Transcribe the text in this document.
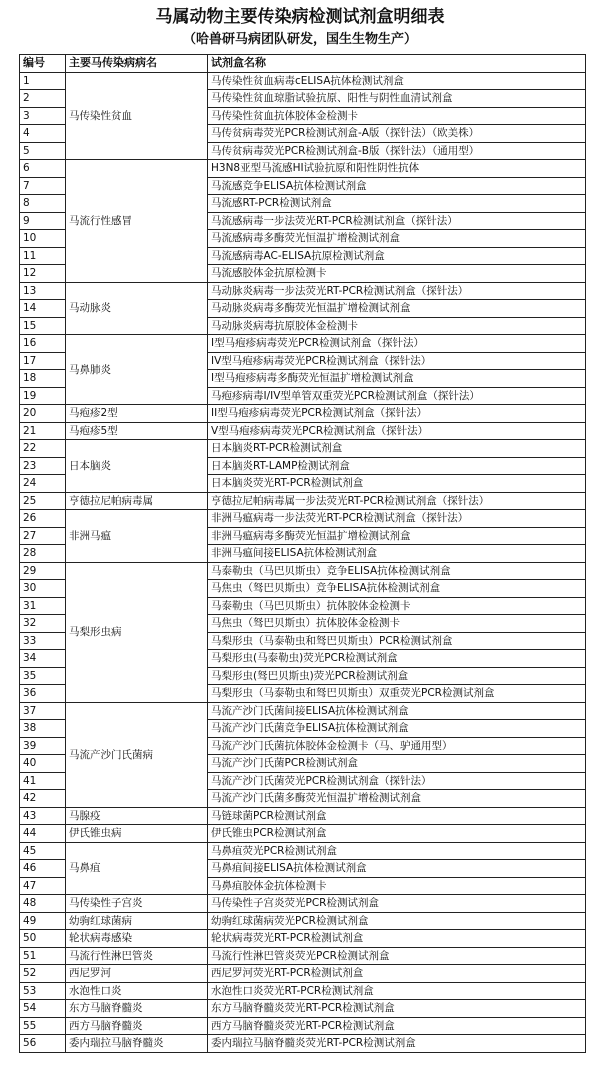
马属动物主要传染病检测试剂盒明细表
（哈兽研马病团队研发，国生生物生产）
编号	主要马传染病病名	试剂盒名称
1	马传染性贫血	马传染性贫血病毒cELISA抗体检测试剂盒
2		马传染性贫血琼脂试验抗原、阳性与阴性血清试剂盒
3		马传染性贫血抗体胶体金检测卡
4		马传贫病毒荧光PCR检测试剂盒-A版（探针法）（欧美株）
5		马传贫病毒荧光PCR检测试剂盒-B版（探针法）（通用型）
6	马流行性感冒	H3N8亚型马流感HI试验抗原和阳性阴性抗体
7		马流感竞争ELISA抗体检测试剂盒
8		马流感RT-PCR检测试剂盒
9		马流感病毒一步法荧光RT-PCR检测试剂盒（探针法）
10		马流感病毒多酶荧光恒温扩增检测试剂盒
11		马流感病毒AC-ELISA抗原检测试剂盒
12		马流感胶体金抗原检测卡
13	马动脉炎	马动脉炎病毒一步法荧光RT-PCR检测试剂盒（探针法）
14		马动脉炎病毒多酶荧光恒温扩增检测试剂盒
15		马动脉炎病毒抗原胶体金检测卡
16	马鼻肺炎	I型马疱疹病毒荧光PCR检测试剂盒（探针法）
17		IV型马疱疹病毒荧光PCR检测试剂盒（探针法）
18		I型马疱疹病毒多酶荧光恒温扩增检测试剂盒
19		马疱疹病毒I/IV型单管双重荧光PCR检测试剂盒（探针法）
20	马疱疹2型	II型马疱疹病毒荧光PCR检测试剂盒（探针法）
21	马疱疹5型	V型马疱疹病毒荧光PCR检测试剂盒（探针法）
22	日本脑炎	日本脑炎RT-PCR检测试剂盒
23		日本脑炎RT-LAMP检测试剂盒
24		日本脑炎荧光RT-PCR检测试剂盒
25	亨德拉尼帕病毒属	亨德拉尼帕病毒属一步法荧光RT-PCR检测试剂盒（探针法）
26	非洲马瘟	非洲马瘟病毒一步法荧光RT-PCR检测试剂盒（探针法）
27		非洲马瘟病毒多酶荧光恒温扩增检测试剂盒
28		非洲马瘟间接ELISA抗体检测试剂盒
29	马梨形虫病	马泰勒虫（马巴贝斯虫）竞争ELISA抗体检测试剂盒
30		马焦虫（驽巴贝斯虫）竞争ELISA抗体检测试剂盒
31		马泰勒虫（马巴贝斯虫）抗体胶体金检测卡
32		马焦虫（驽巴贝斯虫）抗体胶体金检测卡
33		马梨形虫（马泰勒虫和驽巴贝斯虫）PCR检测试剂盒
34		马梨形虫(马泰勒虫)荧光PCR检测试剂盒
35		马梨形虫(驽巴贝斯虫)荧光PCR检测试剂盒
36		马梨形虫（马泰勒虫和驽巴贝斯虫）双重荧光PCR检测试剂盒
37	马流产沙门氏菌病	马流产沙门氏菌间接ELISA抗体检测试剂盒
38		马流产沙门氏菌竞争ELISA抗体检测试剂盒
39		马流产沙门氏菌抗体胶体金检测卡（马、驴通用型）
40		马流产沙门氏菌PCR检测试剂盒
41		马流产沙门氏菌荧光PCR检测试剂盒（探针法）
42		马流产沙门氏菌多酶荧光恒温扩增检测试剂盒
43	马腺疫	马链球菌PCR检测试剂盒
44	伊氏锥虫病	伊氏锥虫PCR检测试剂盒
45	马鼻疽	马鼻疽荧光PCR检测试剂盒
46		马鼻疽间接ELISA抗体检测试剂盒
47		马鼻疽胶体金抗体检测卡
48	马传染性子宫炎	马传染性子宫炎荧光PCR检测试剂盒
49	幼驹红球菌病	幼驹红球菌病荧光PCR检测试剂盒
50	轮状病毒感染	轮状病毒荧光RT-PCR检测试剂盒
51	马流行性淋巴管炎	马流行性淋巴管炎荧光PCR检测试剂盒
52	西尼罗河	西尼罗河荧光RT-PCR检测试剂盒
53	水泡性口炎	水泡性口炎荧光RT-PCR检测试剂盒
54	东方马脑脊髓炎	东方马脑脊髓炎荧光RT-PCR检测试剂盒
55	西方马脑脊髓炎	西方马脑脊髓炎荧光RT-PCR检测试剂盒
56	委内瑞拉马脑脊髓炎	委内瑞拉马脑脊髓炎荧光RT-PCR检测试剂盒
